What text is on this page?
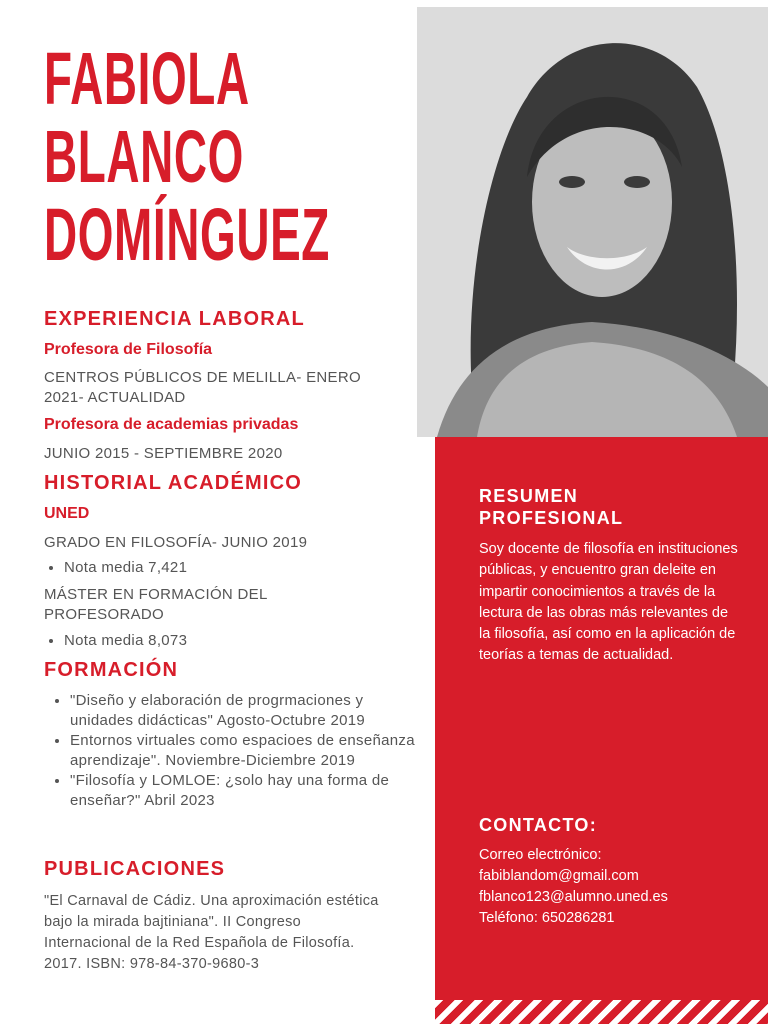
FABIOLA
BLANCO
DOMÍNGUEZ
EXPERIENCIA LABORAL
Profesora de Filosofía

CENTROS PÚBLICOS DE MELILLA- ENERO 2021- ACTUALIDAD

Profesora de academias privadas

JUNIO 2015 - SEPTIEMBRE 2020

HISTORIAL ACADÉMICO
UNED

GRADO EN FILOSOFÍA- JUNIO 2019

• Nota media 7,421

MÁSTER EN FORMACIÓN DEL PROFESORADO

• Nota media 8,073
FORMACIÓN
• "Diseño y elaboración de progrmaciones y unidades didácticas" Agosto-Octubre 2019
• Entornos virtuales como espacioes de enseñanza aprendizaje". Noviembre-Diciembre 2019
• "Filosofía y LOMLOE: ¿solo hay una forma de enseñar?" Abril 2023
PUBLICACIONES

"El Carnaval de Cádiz. Una aproximación estética bajo la mirada bajtiniana". II Congreso Internacional de la Red Española de Filosofía. 2017. ISBN: 978-84-370-9680-3

RESUMEN
PROFESIONAL

Soy docente de filosofía en instituciones públicas, y encuentro gran deleite en impartir conocimientos a través de la lectura de las obras más relevantes de la filosofía, así como en la aplicación de teorías a temas de actualidad.

CONTACTO:

Correo electrónico:

fabiblandom@gmail.com

fblanco123@alumno.uned.es

Teléfono: 650286281
